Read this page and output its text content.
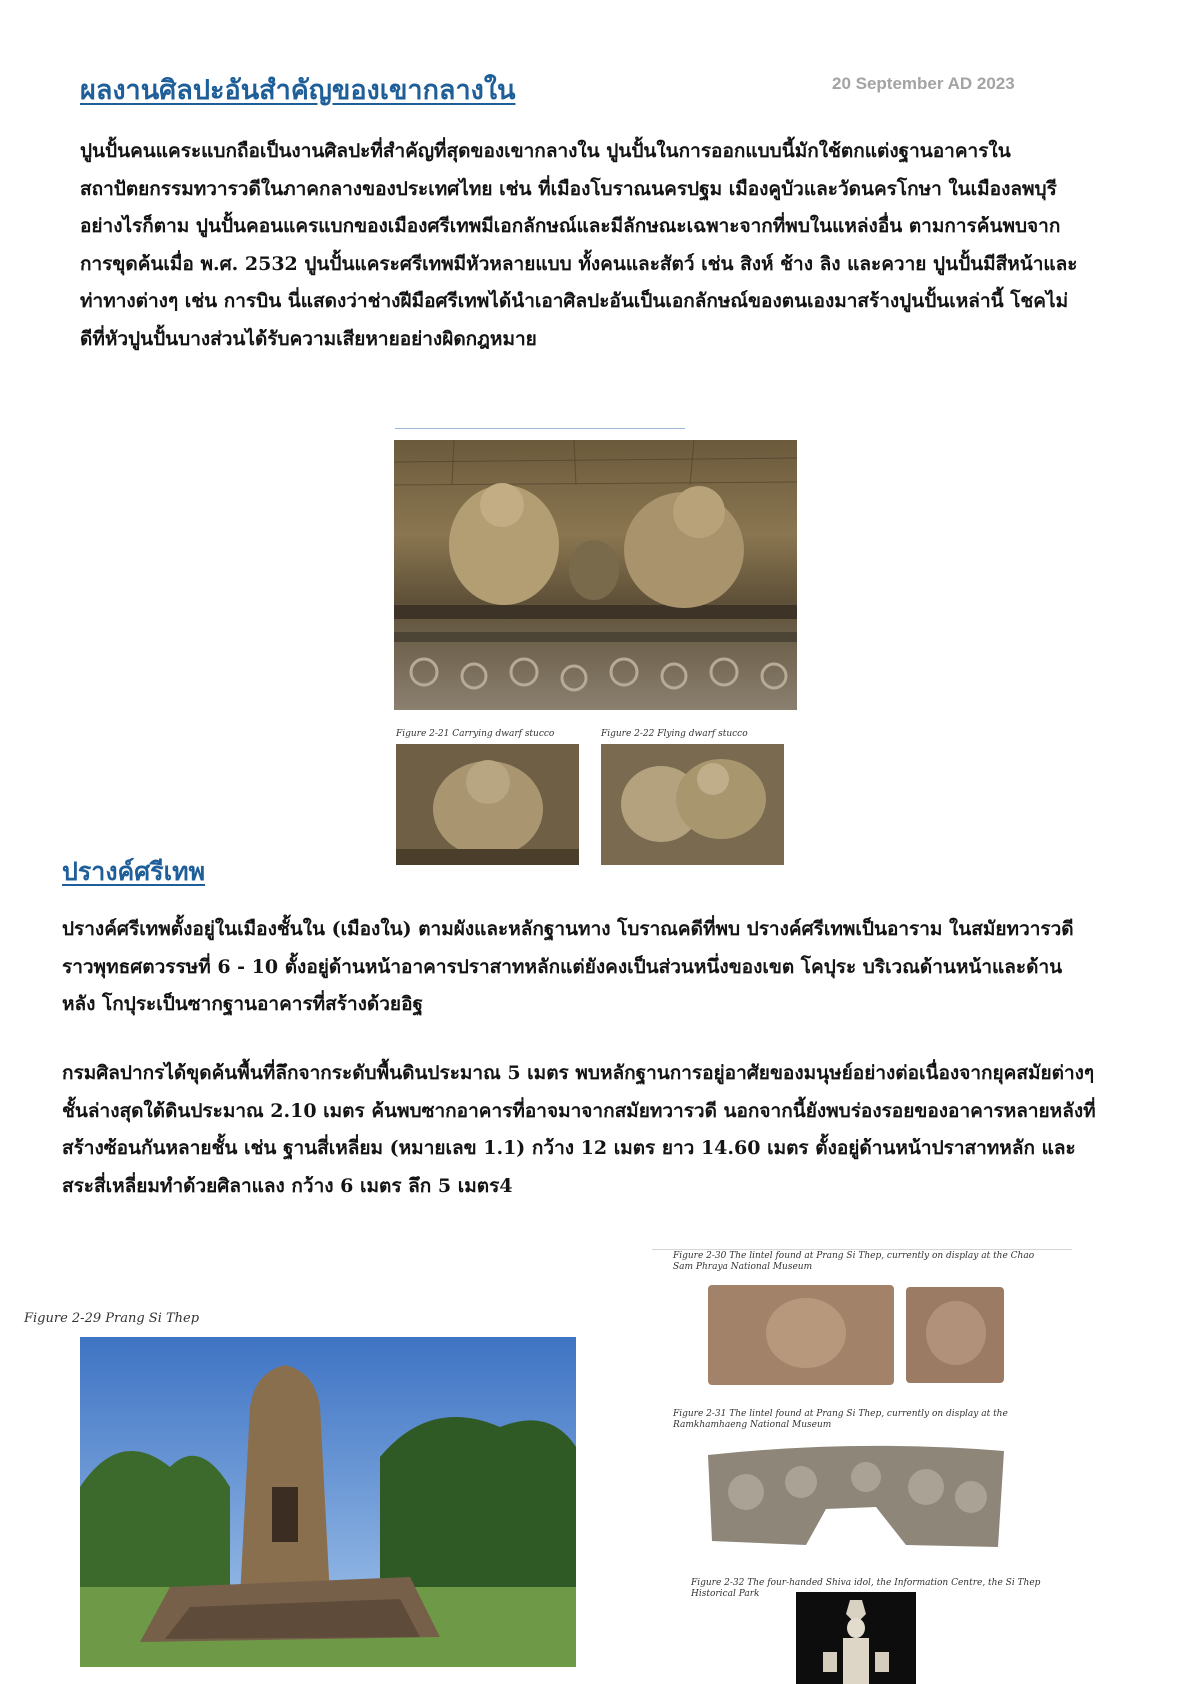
ผลงานศิลปะอันสำคัญของเขากลางใน	20 September AD 2023

ปูนปั้นคนแคระแบกถือเป็นงานศิลปะที่สำคัญที่สุดของเขากลางใน ปูนปั้นในการออกแบบนี้มักใช้ตกแต่งฐานอาคารในสถาปัตยกรรมทวารวดีในภาคกลางของประเทศไทย เช่น ที่เมืองโบราณนครปฐม เมืองคูบัวและวัดนครโกษา ในเมืองลพบุรี อย่างไรก็ตาม ปูนปั้นคอนแครแบกของเมืองศรีเทพมีเอกลักษณ์และมีลักษณะเฉพาะจากที่พบในแหล่งอื่น ตามการค้นพบจากการขุดค้นเมื่อ พ.ศ. 2532 ปูนปั้นแคระศรีเทพมีหัวหลายแบบ ทั้งคนและสัตว์ เช่น สิงห์ ช้าง ลิง และควาย ปูนปั้นมีสีหน้าและท่าทางต่างๆ เช่น การบิน นี่แสดงว่าช่างฝีมือศรีเทพได้นำเอาศิลปะอันเป็นเอกลักษณ์ของตนเองมาสร้างปูนปั้นเหล่านี้ โชคไม่ดีที่หัวปูนปั้นบางส่วนได้รับความเสียหายอย่างผิดกฎหมาย

Figure 2-21 Carrying dwarf stucco	Figure 2-22 Flying dwarf stucco

ปรางค์ศรีเทพ

ปรางค์ศรีเทพตั้งอยู่ในเมืองชั้นใน (เมืองใน) ตามผังและหลักฐานทาง โบราณคดีที่พบ ปรางค์ศรีเทพเป็นอาราม ในสมัยทวารวดีราวพุทธศตวรรษที่ 6 - 10 ตั้งอยู่ด้านหน้าอาคารปราสาทหลักแต่ยังคงเป็นส่วนหนึ่งของเขต โคปุระ บริเวณด้านหน้าและด้านหลัง โกปุระเป็นซากฐานอาคารที่สร้างด้วยอิฐ

กรมศิลปากรได้ขุดค้นพื้นที่ลึกจากระดับพื้นดินประมาณ 5 เมตร พบหลักฐานการอยู่อาศัยของมนุษย์อย่างต่อเนื่องจากยุคสมัยต่างๆ ชั้นล่างสุดใต้ดินประมาณ 2.10 เมตร ค้นพบซากอาคารที่อาจมาจากสมัยทวารวดี นอกจากนี้ยังพบร่องรอยของอาคารหลายหลังที่สร้างซ้อนกันหลายชั้น เช่น ฐานสี่เหลี่ยม (หมายเลข 1.1) กว้าง 12 เมตร ยาว 14.60 เมตร ตั้งอยู่ด้านหน้าปราสาทหลัก และสระสี่เหลี่ยมทำด้วยศิลาแลง กว้าง 6 เมตร ลึก 5 เมตร4

Figure 2-29 Prang Si Thep

Figure 2-30 The lintel found at Prang Si Thep, currently on display at the Chao Sam Phraya National Museum

Figure 2-31 The lintel found at Prang Si Thep, currently on display at the Ramkhamhaeng National Museum

Figure 2-32 The four-handed Shiva idol, the Information Centre, the Si Thep Historical Park
